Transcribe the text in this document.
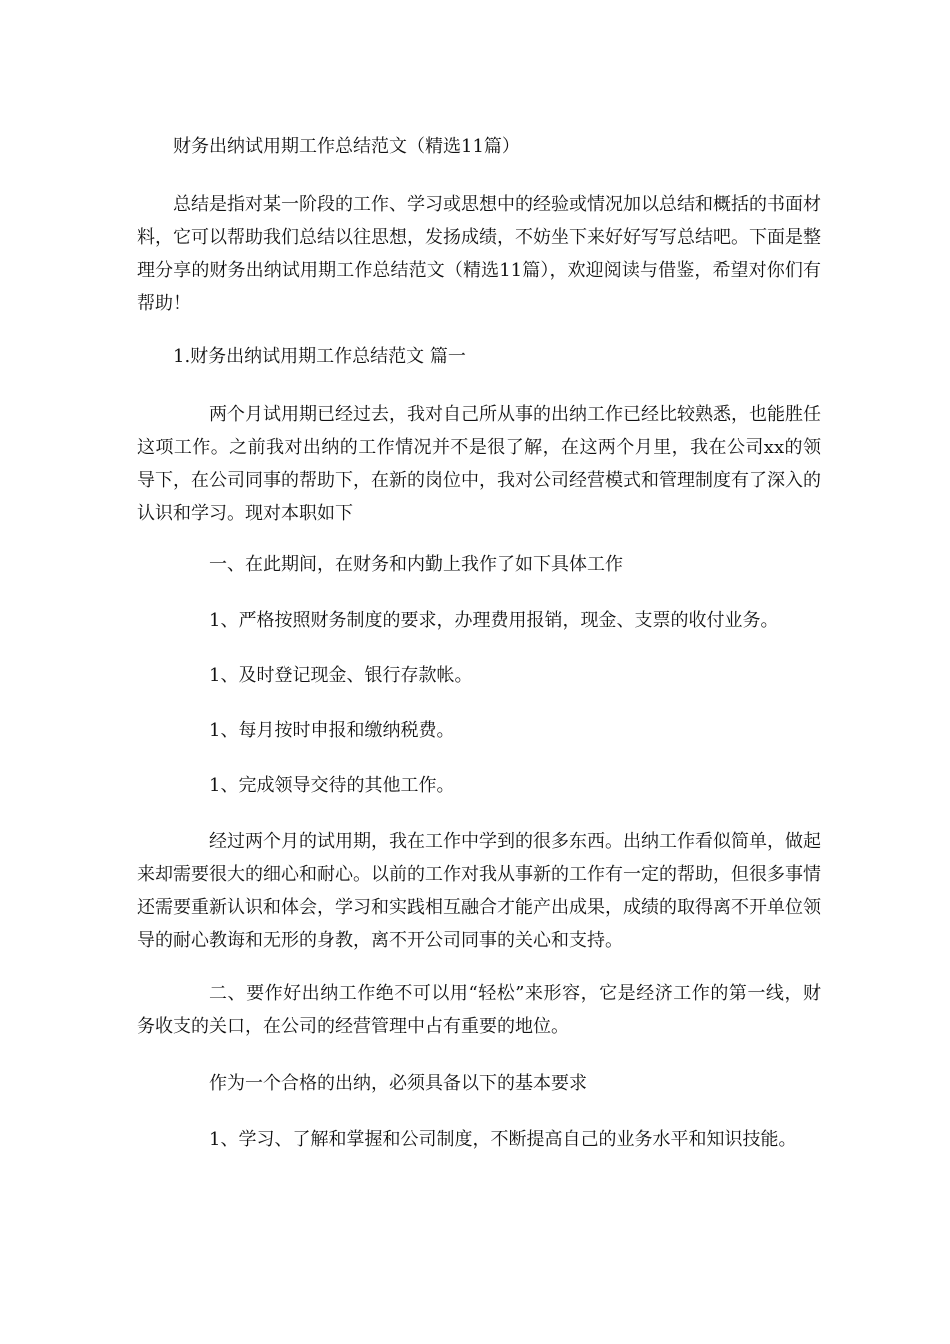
财务出纳试用期工作总结范文（精选11篇）

总结是指对某一阶段的工作、学习或思想中的经验或情况加以总结和概括的书面材料，它可以帮助我们总结以往思想，发扬成绩，不妨坐下来好好写写总结吧。下面是整理分享的财务出纳试用期工作总结范文（精选11篇），欢迎阅读与借鉴，希望对你们有帮助！

1.财务出纳试用期工作总结范文 篇一

两个月试用期已经过去，我对自己所从事的出纳工作已经比较熟悉，也能胜任这项工作。之前我对出纳的工作情况并不是很了解，在这两个月里，我在公司xx的领导下，在公司同事的帮助下，在新的岗位中，我对公司经营模式和管理制度有了深入的认识和学习。现对本职如下

一、在此期间，在财务和内勤上我作了如下具体工作

1、严格按照财务制度的要求，办理费用报销，现金、支票的收付业务。

1、及时登记现金、银行存款帐。

1、每月按时申报和缴纳税费。

1、完成领导交待的其他工作。

经过两个月的试用期，我在工作中学到的很多东西。出纳工作看似简单，做起来却需要很大的细心和耐心。以前的工作对我从事新的工作有一定的帮助，但很多事情还需要重新认识和体会，学习和实践相互融合才能产出成果，成绩的取得离不开单位领导的耐心教诲和无形的身教，离不开公司同事的关心和支持。

二、要作好出纳工作绝不可以用“轻松”来形容，它是经济工作的第一线，财务收支的关口，在公司的经营管理中占有重要的地位。

作为一个合格的出纳，必须具备以下的基本要求

1、学习、了解和掌握和公司制度，不断提高自己的业务水平和知识技能。
